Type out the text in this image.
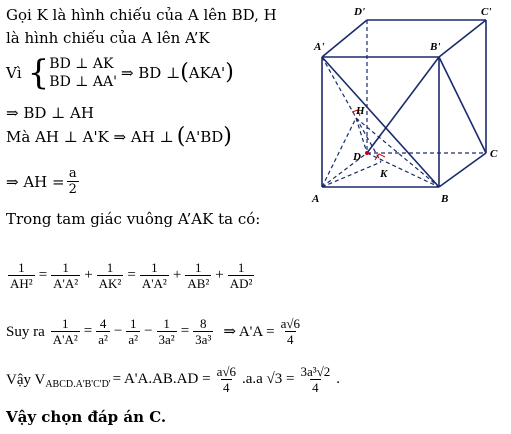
Gọi K là hình chiếu của A lên BD, H
là hình chiếu của A lên A’K
Vì { BD ⊥ AK
BD ⊥ AA' ⇒ BD ⊥ ( AKA' )
⇒ BD ⊥ AH
Mà AH ⊥ A'K ⇒ AH ⊥ ( A'BD )
⇒ AH = $\frac{a}{2}$
Trong tam giác vuông A’AK ta có:
$\frac{1}{\text{AH²}} = \frac{1}{\text{A'A²}} + \frac{1}{\text{AK²}} = \frac{1}{\text{A'A²}} + \frac{1}{\text{AB²}} + \frac{1}{\text{AD²}}$
Suy ra $\frac{1}{\text{A'A²}} = \frac{4}{\text{a²}} - \frac{1}{\text{a²}} - \frac{1}{\text{3a²}} = \frac{8}{\text{3a³}}$ ⇒ $A'A = \frac{a√6}{4}$
Vậy $V_{ABCD.A'B'C'D'} = A'A.AB.AD = \frac{a√6}{4} .a.a$ $√3 = \frac{\text{3a³√2}}{4}$ .
Vậy chọn đáp án C.
A	B
C
D
A'	B'
C'
D'
H
K
